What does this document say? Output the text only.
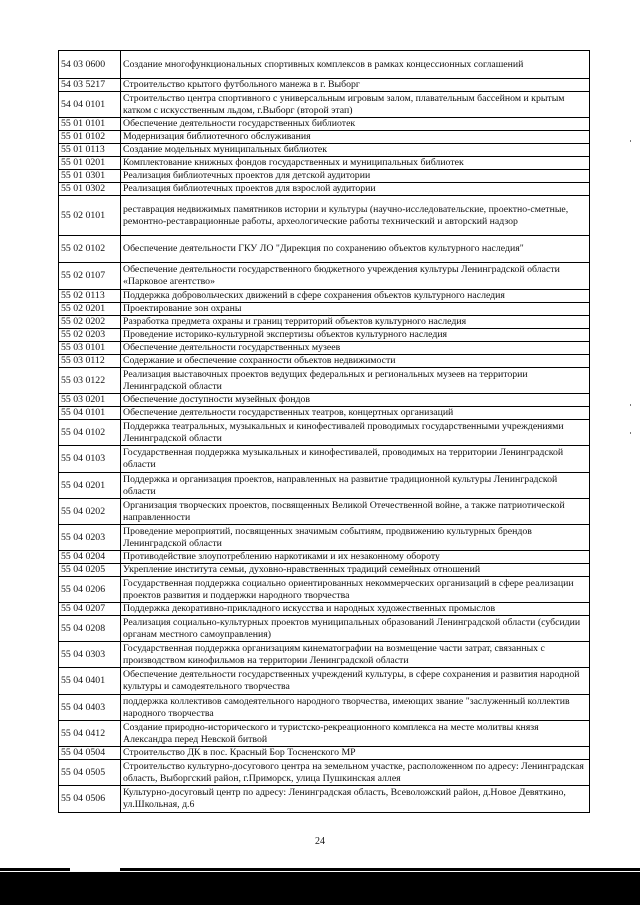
54 03 0600	Создание многофункциональных спортивных комплексов в рамках концессионных соглашений
54 03 5217	Строительство крытого футбольного манежа в г. Выборг
54 04 0101	Строительство центра спортивного с универсальным игровым залом, плавательным бассейном и крытым катком с искусственным льдом, г.Выборг (второй этап)
55 01 0101	Обеспечение деятельности государственных библиотек
55 01 0102	Модернизация библиотечного обслуживания
55 01 0113	Создание модельных муниципальных библиотек
55 01 0201	Комплектование книжных фондов государственных и муниципальных библиотек
55 01 0301	Реализация библиотечных проектов для детской аудитории
55 01 0302	Реализация библиотечных проектов для взрослой аудитории
55 02 0101	реставрация недвижимых памятников истории и культуры (научно-исследовательские, проектно-сметные, ремонтно-реставрационные работы, археологические работы технический и авторский надзор
55 02 0102	Обеспечение деятельности ГКУ ЛО "Дирекция по сохранению объектов культурного наследия"
55 02 0107	Обеспечение деятельности государственного бюджетного учреждения культуры Ленинградской области «Парковое агентство»
55 02 0113	Поддержка добровольческих движений в сфере сохранения объектов культурного наследия
55 02 0201	Проектирование зон охраны
55 02 0202	Разработка предмета охраны и границ территорий объектов культурного наследия
55 02 0203	Проведение историко-культурной экспертизы объектов культурного наследия
55 03 0101	Обеспечение деятельности государственных музеев
55 03 0112	Содержание и обеспечение сохранности объектов недвижимости
55 03 0122	Реализация выставочных проектов ведущих федеральных и региональных музеев на территории Ленинградской области
55 03 0201	Обеспечение доступности музейных фондов
55 04 0101	Обеспечение деятельности государственных театров, концертных организаций
55 04 0102	Поддержка театральных, музыкальных и кинофестивалей проводимых государственными учреждениями Ленинградской области
55 04 0103	Государственная поддержка музыкальных и кинофестивалей, проводимых на территории Ленинградской области
55 04 0201	Поддержка и организация проектов, направленных на развитие традиционной культуры Ленинградской области
55 04 0202	Организация творческих проектов, посвященных Великой Отечественной войне, а также патриотической направленности
55 04 0203	Проведение мероприятий, посвященных значимым событиям, продвижению культурных брендов Ленинградской области
55 04 0204	Противодействие злоупотреблению наркотиками и их незаконному обороту
55 04 0205	Укрепление института семьи, духовно-нравственных традиций семейных отношений
55 04 0206	Государственная поддержка социально ориентированных некоммерческих организаций в сфере реализации проектов развития и поддержки народного творчества
55 04 0207	Поддержка декоративно-прикладного искусства и народных художественных промыслов
55 04 0208	Реализация социально-культурных проектов муниципальных образований Ленинградской области (субсидии органам местного самоуправления)
55 04 0303	Государственная поддержка организациям кинематографии на возмещение части затрат, связанных с производством кинофильмов на территории Ленинградской области
55 04 0401	Обеспечение деятельности государственных учреждений культуры, в сфере сохранения и развития народной культуры и самодеятельного творчества
55 04 0403	поддержка коллективов самодеятельного народного творчества, имеющих звание "заслуженный коллектив народного творчества
55 04 0412	Создание природно-исторического и туристско-рекреационного комплекса на месте молитвы князя Александра перед Невской битвой
55 04 0504	Строительство ДК в пос. Красный Бор Тосненского МР
55 04 0505	Строительство культурно-досугового центра на земельном участке, расположенном по адресу: Ленинградская область, Выборгский район, г.Приморск, улица Пушкинская аллея
55 04 0506	Культурно-досуговый центр по адресу: Ленинградская область, Всеволожский район, д.Новое Девяткино, ул.Школьная, д.6
24
